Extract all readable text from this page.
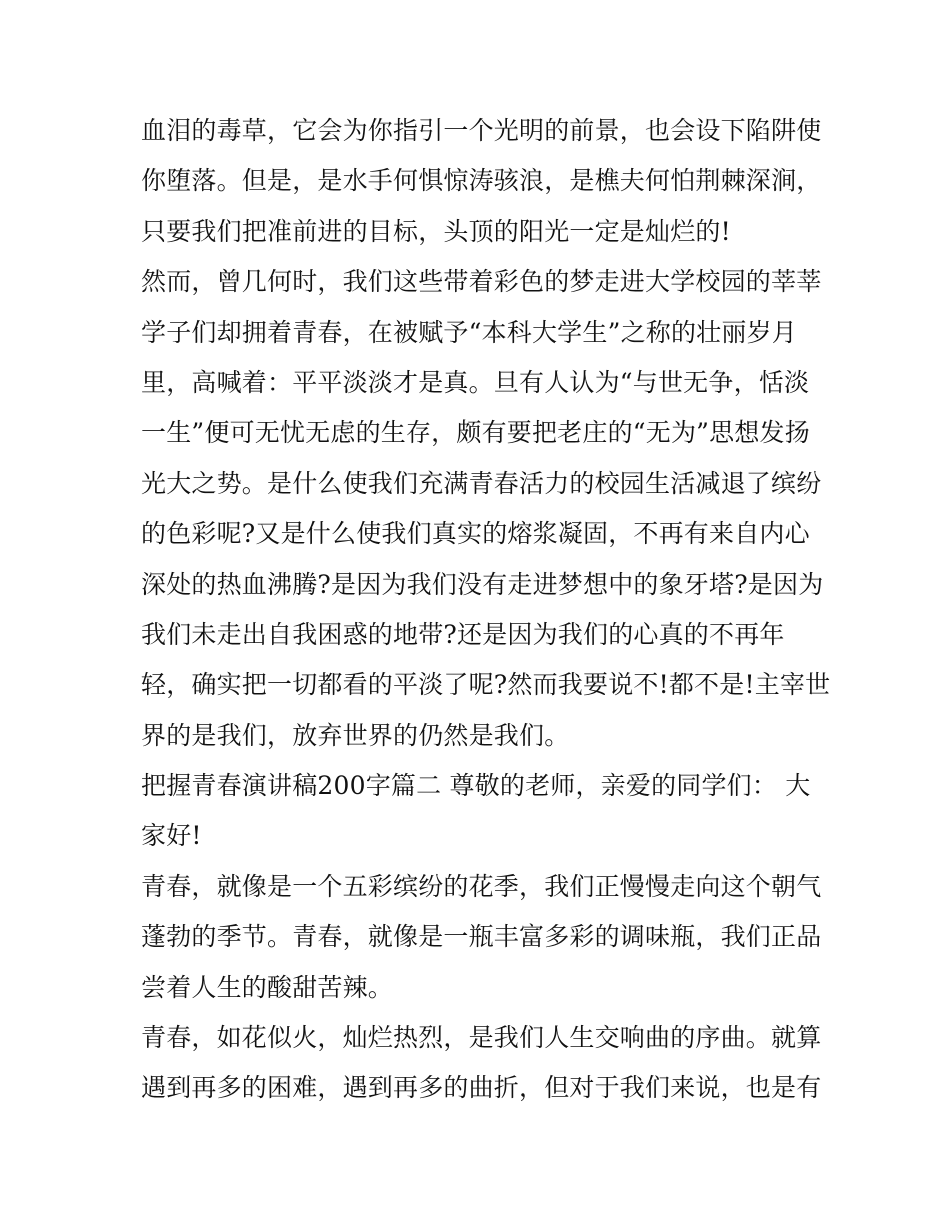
血泪的毒草，它会为你指引一个光明的前景，也会设下陷阱使
你堕落。但是，是水手何惧惊涛骇浪，是樵夫何怕荆棘深涧，
只要我们把准前进的目标，头顶的阳光一定是灿烂的!
然而，曾几何时，我们这些带着彩色的梦走进大学校园的莘莘
学子们却拥着青春，在被赋予“本科大学生”之称的壮丽岁月
里，高喊着：平平淡淡才是真。旦有人认为“与世无争，恬淡
一生”便可无忧无虑的生存，颇有要把老庄的“无为”思想发扬
光大之势。是什么使我们充满青春活力的校园生活减退了缤纷
的色彩呢?又是什么使我们真实的熔浆凝固，不再有来自内心
深处的热血沸腾?是因为我们没有走进梦想中的象牙塔?是因为
我们未走出自我困惑的地带?还是因为我们的心真的不再年
轻，确实把一切都看的平淡了呢?然而我要说不!都不是!主宰世
界的是我们，放弃世界的仍然是我们。
把握青春演讲稿200字篇二 尊敬的老师，亲爱的同学们： 大
家好!
青春，就像是一个五彩缤纷的花季，我们正慢慢走向这个朝气
蓬勃的季节。青春，就像是一瓶丰富多彩的调味瓶，我们正品
尝着人生的酸甜苦辣。
青春，如花似火，灿烂热烈，是我们人生交响曲的序曲。就算
遇到再多的困难，遇到再多的曲折，但对于我们来说，也是有
